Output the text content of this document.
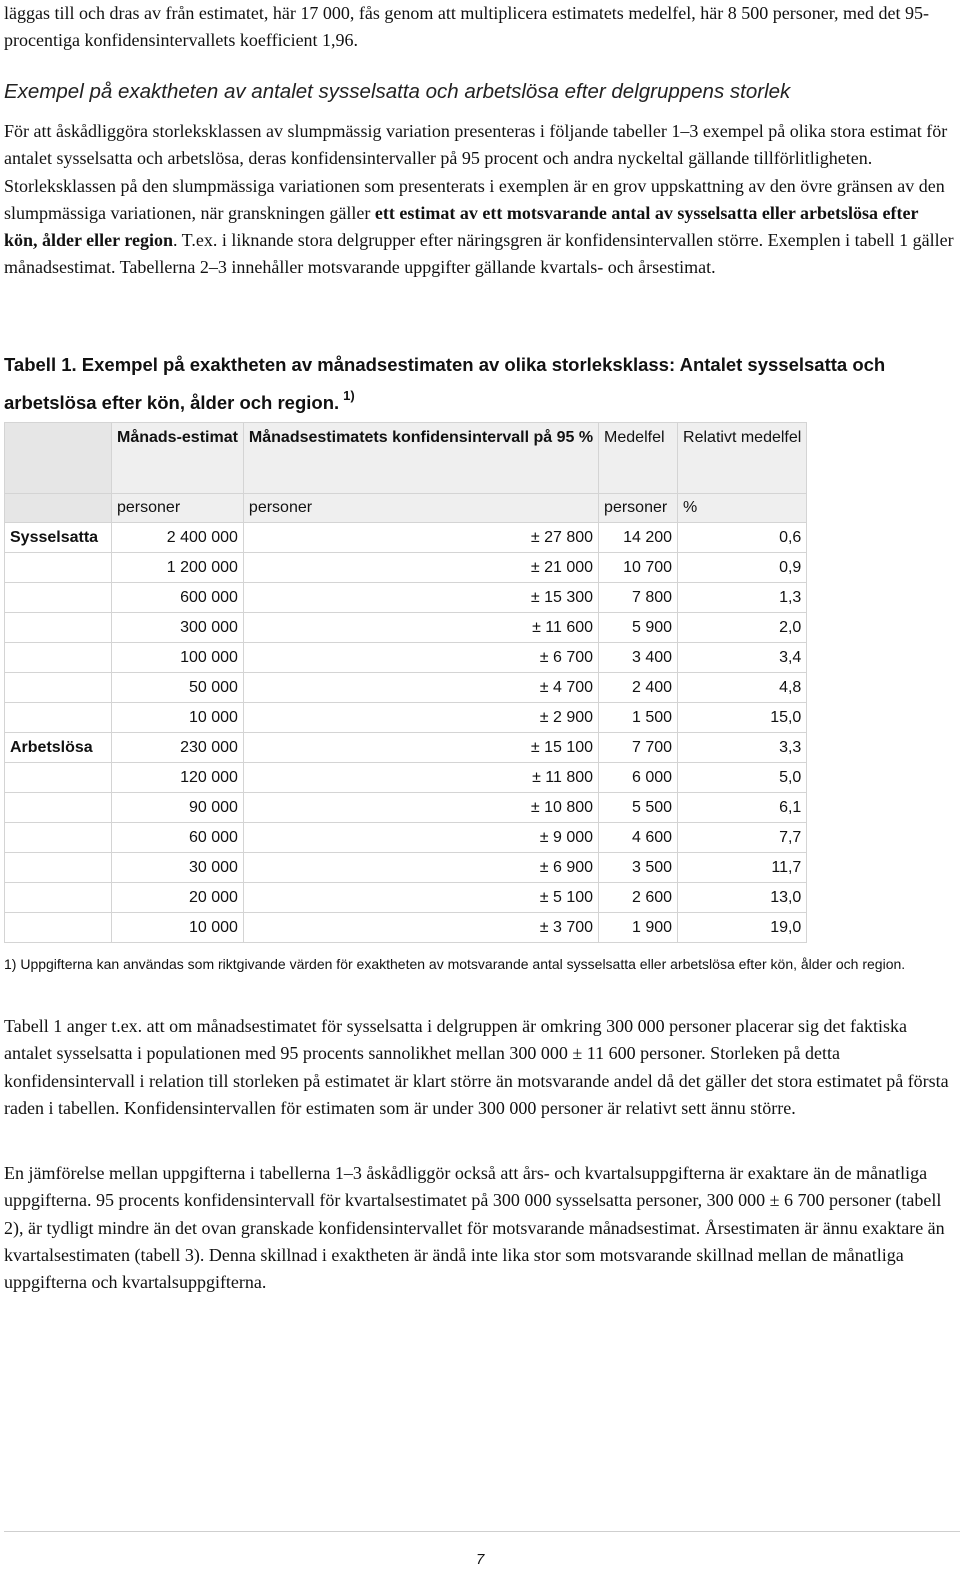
läggas till och dras av från estimatet, här 17 000, fås genom att multiplicera estimatets medelfel, här 8 500 personer, med det 95-procentiga konfidensintervallets koefficient 1,96.

Exempel på exaktheten av antalet sysselsatta och arbetslösa efter delgruppens storlek

För att åskådliggöra storleksklassen av slumpmässig variation presenteras i följande tabeller 1–3 exempel på olika stora estimat för antalet sysselsatta och arbetslösa, deras konfidensintervaller på 95 procent och andra nyckeltal gällande tillförlitligheten. Storleksklassen på den slumpmässiga variationen som presenterats i exemplen är en grov uppskattning av den övre gränsen av den slumpmässiga variationen, när granskningen gäller ett estimat av ett motsvarande antal av sysselsatta eller arbetslösa efter kön, ålder eller region. T.ex. i liknande stora delgrupper efter näringsgren är konfidensintervallen större. Exemplen i tabell 1 gäller månadsestimat. Tabellerna 2–3 innehåller motsvarande uppgifter gällande kvartals- och årsestimat.

Tabell 1. Exempel på exaktheten av månadsestimaten av olika storleksklass: Antalet sysselsatta och arbetslösa efter kön, ålder och region. $^{1)}$
	Månads-estimat	Månadsestimatets konfidensintervall på 95 %	Medelfel	Relativt medelfel
	personer	personer	personer	%
Sysselsatta	2 400 000	± 27 800	14 200	0,6
	1 200 000	± 21 000	10 700	0,9
	600 000	± 15 300	7 800	1,3
	300 000	± 11 600	5 900	2,0
	100 000	± 6 700	3 400	3,4
	50 000	± 4 700	2 400	4,8
	10 000	± 2 900	1 500	15,0
Arbetslösa	230 000	± 15 100	7 700	3,3
	120 000	± 11 800	6 000	5,0
	90 000	± 10 800	5 500	6,1
	60 000	± 9 000	4 600	7,7
	30 000	± 6 900	3 500	11,7
	20 000	± 5 100	2 600	13,0
	10 000	± 3 700	1 900	19,0
1) Uppgifterna kan användas som riktgivande värden för exaktheten av motsvarande antal sysselsatta eller arbetslösa efter kön, ålder och region.

Tabell 1 anger t.ex. att om månadsestimatet för sysselsatta i delgruppen är omkring 300 000 personer placerar sig det faktiska antalet sysselsatta i populationen med 95 procents sannolikhet mellan 300 000 ± 11 600 personer. Storleken på detta konfidensintervall i relation till storleken på estimatet är klart större än motsvarande andel då det gäller det stora estimatet på första raden i tabellen. Konfidensintervallen för estimaten som är under 300 000 personer är relativt sett ännu större.

En jämförelse mellan uppgifterna i tabellerna 1–3 åskådliggör också att års- och kvartalsuppgifterna är exaktare än de månatliga uppgifterna. 95 procents konfidensintervall för kvartalsestimatet på 300 000 sysselsatta personer, 300 000 ± 6 700 personer (tabell 2), är tydligt mindre än det ovan granskade konfidensintervallet för motsvarande månadsestimat. Årsestimaten är ännu exaktare än kvartalsestimaten (tabell 3). Denna skillnad i exaktheten är ändå inte lika stor som motsvarande skillnad mellan de månatliga uppgifterna och kvartalsuppgifterna.

7
